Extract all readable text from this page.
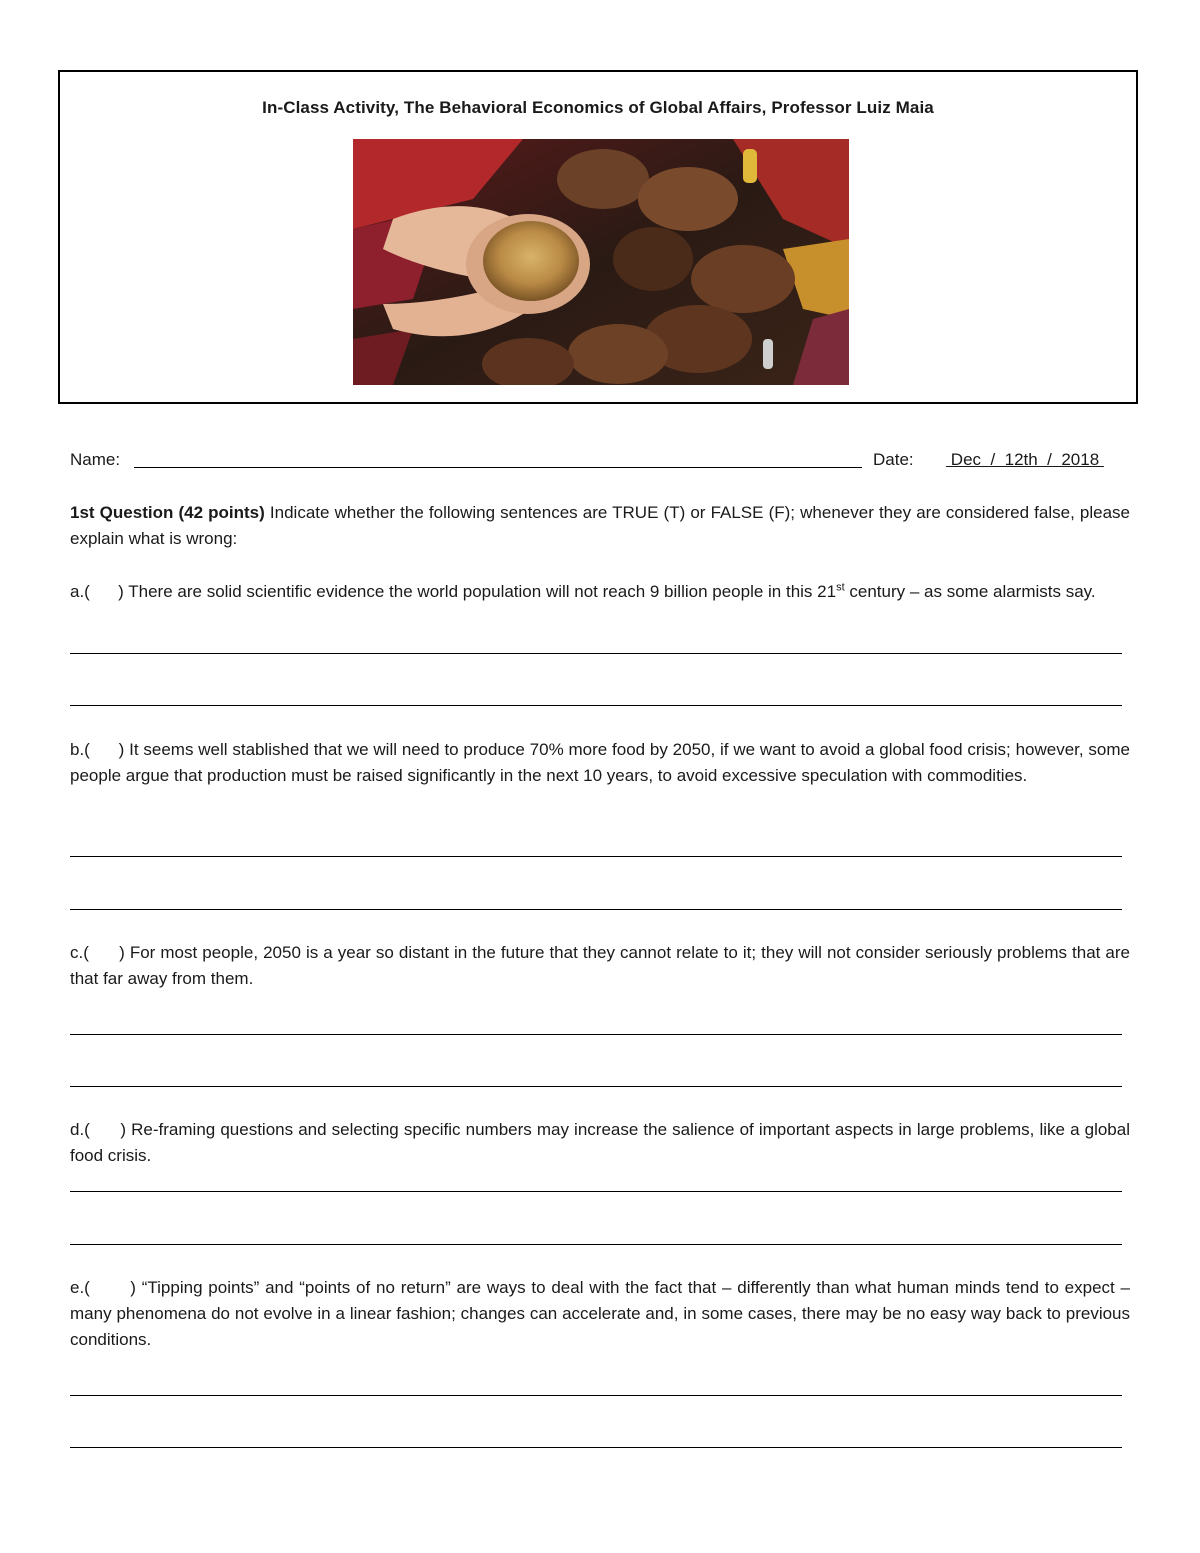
In-Class Activity, The Behavioral Economics of Global Affairs, Professor Luiz Maia
Name:	Date:	Dec  /  12th  /  2018
1st Question (42 points) Indicate whether the following sentences are TRUE (T) or FALSE (F); whenever they are considered false, please explain what is wrong:
a.(      ) There are solid scientific evidence the world population will not reach 9 billion people in this 21st century – as some alarmists say.
b.(      ) It seems well stablished that we will need to produce 70% more food by 2050, if we want to avoid a global food crisis; however, some people argue that production must be raised significantly in the next 10 years, to avoid excessive speculation with commodities.
c.(      ) For most people, 2050 is a year so distant in the future that they cannot relate to it; they will not consider seriously problems that are that far away from them.
d.(      ) Re-framing questions and selecting specific numbers may increase the salience of important aspects in large problems, like a global food crisis.
e.(       ) “Tipping points” and “points of no return” are ways to deal with the fact that – differently than what human minds tend to expect – many phenomena do not evolve in a linear fashion; changes can accelerate and, in some cases, there may be no easy way back to previous conditions.
